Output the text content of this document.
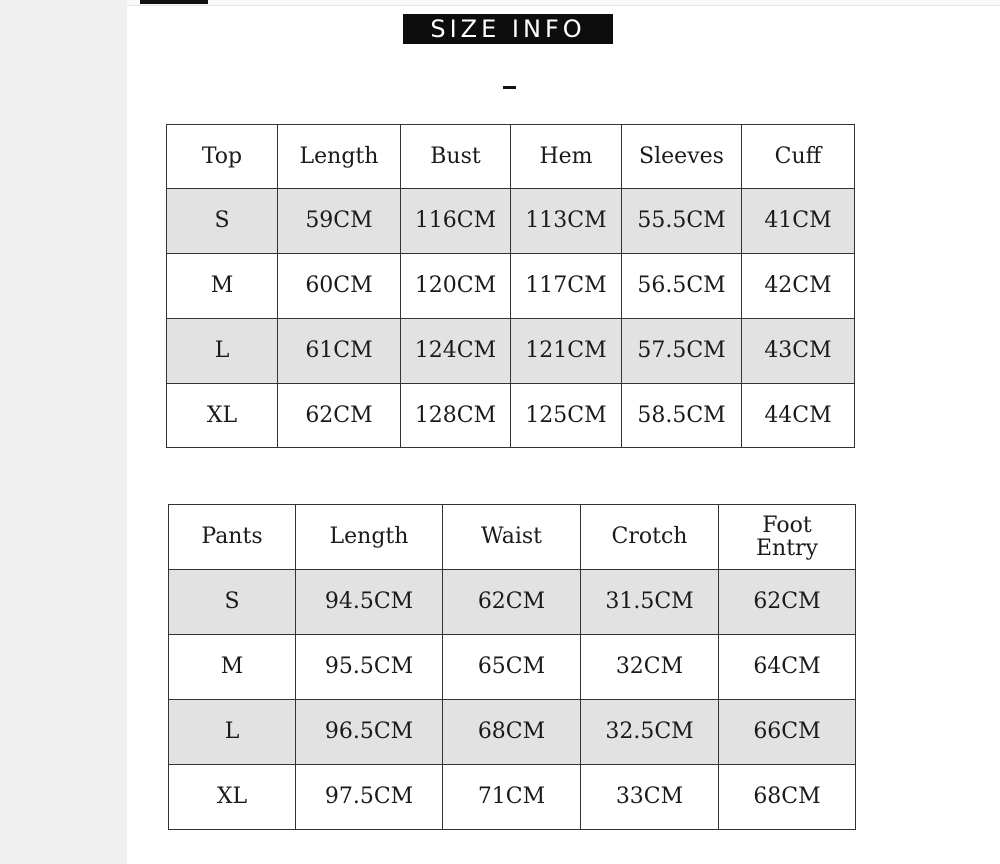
SIZE INFO
Top	Length	Bust	Hem	Sleeves	Cuff
S	59CM	116CM	113CM	55.5CM	41CM
M	60CM	120CM	117CM	56.5CM	42CM
L	61CM	124CM	121CM	57.5CM	43CM
XL	62CM	128CM	125CM	58.5CM	44CM
Pants	Length	Waist	Crotch	Foot Entry
S	94.5CM	62CM	31.5CM	62CM
M	95.5CM	65CM	32CM	64CM
L	96.5CM	68CM	32.5CM	66CM
XL	97.5CM	71CM	33CM	68CM
